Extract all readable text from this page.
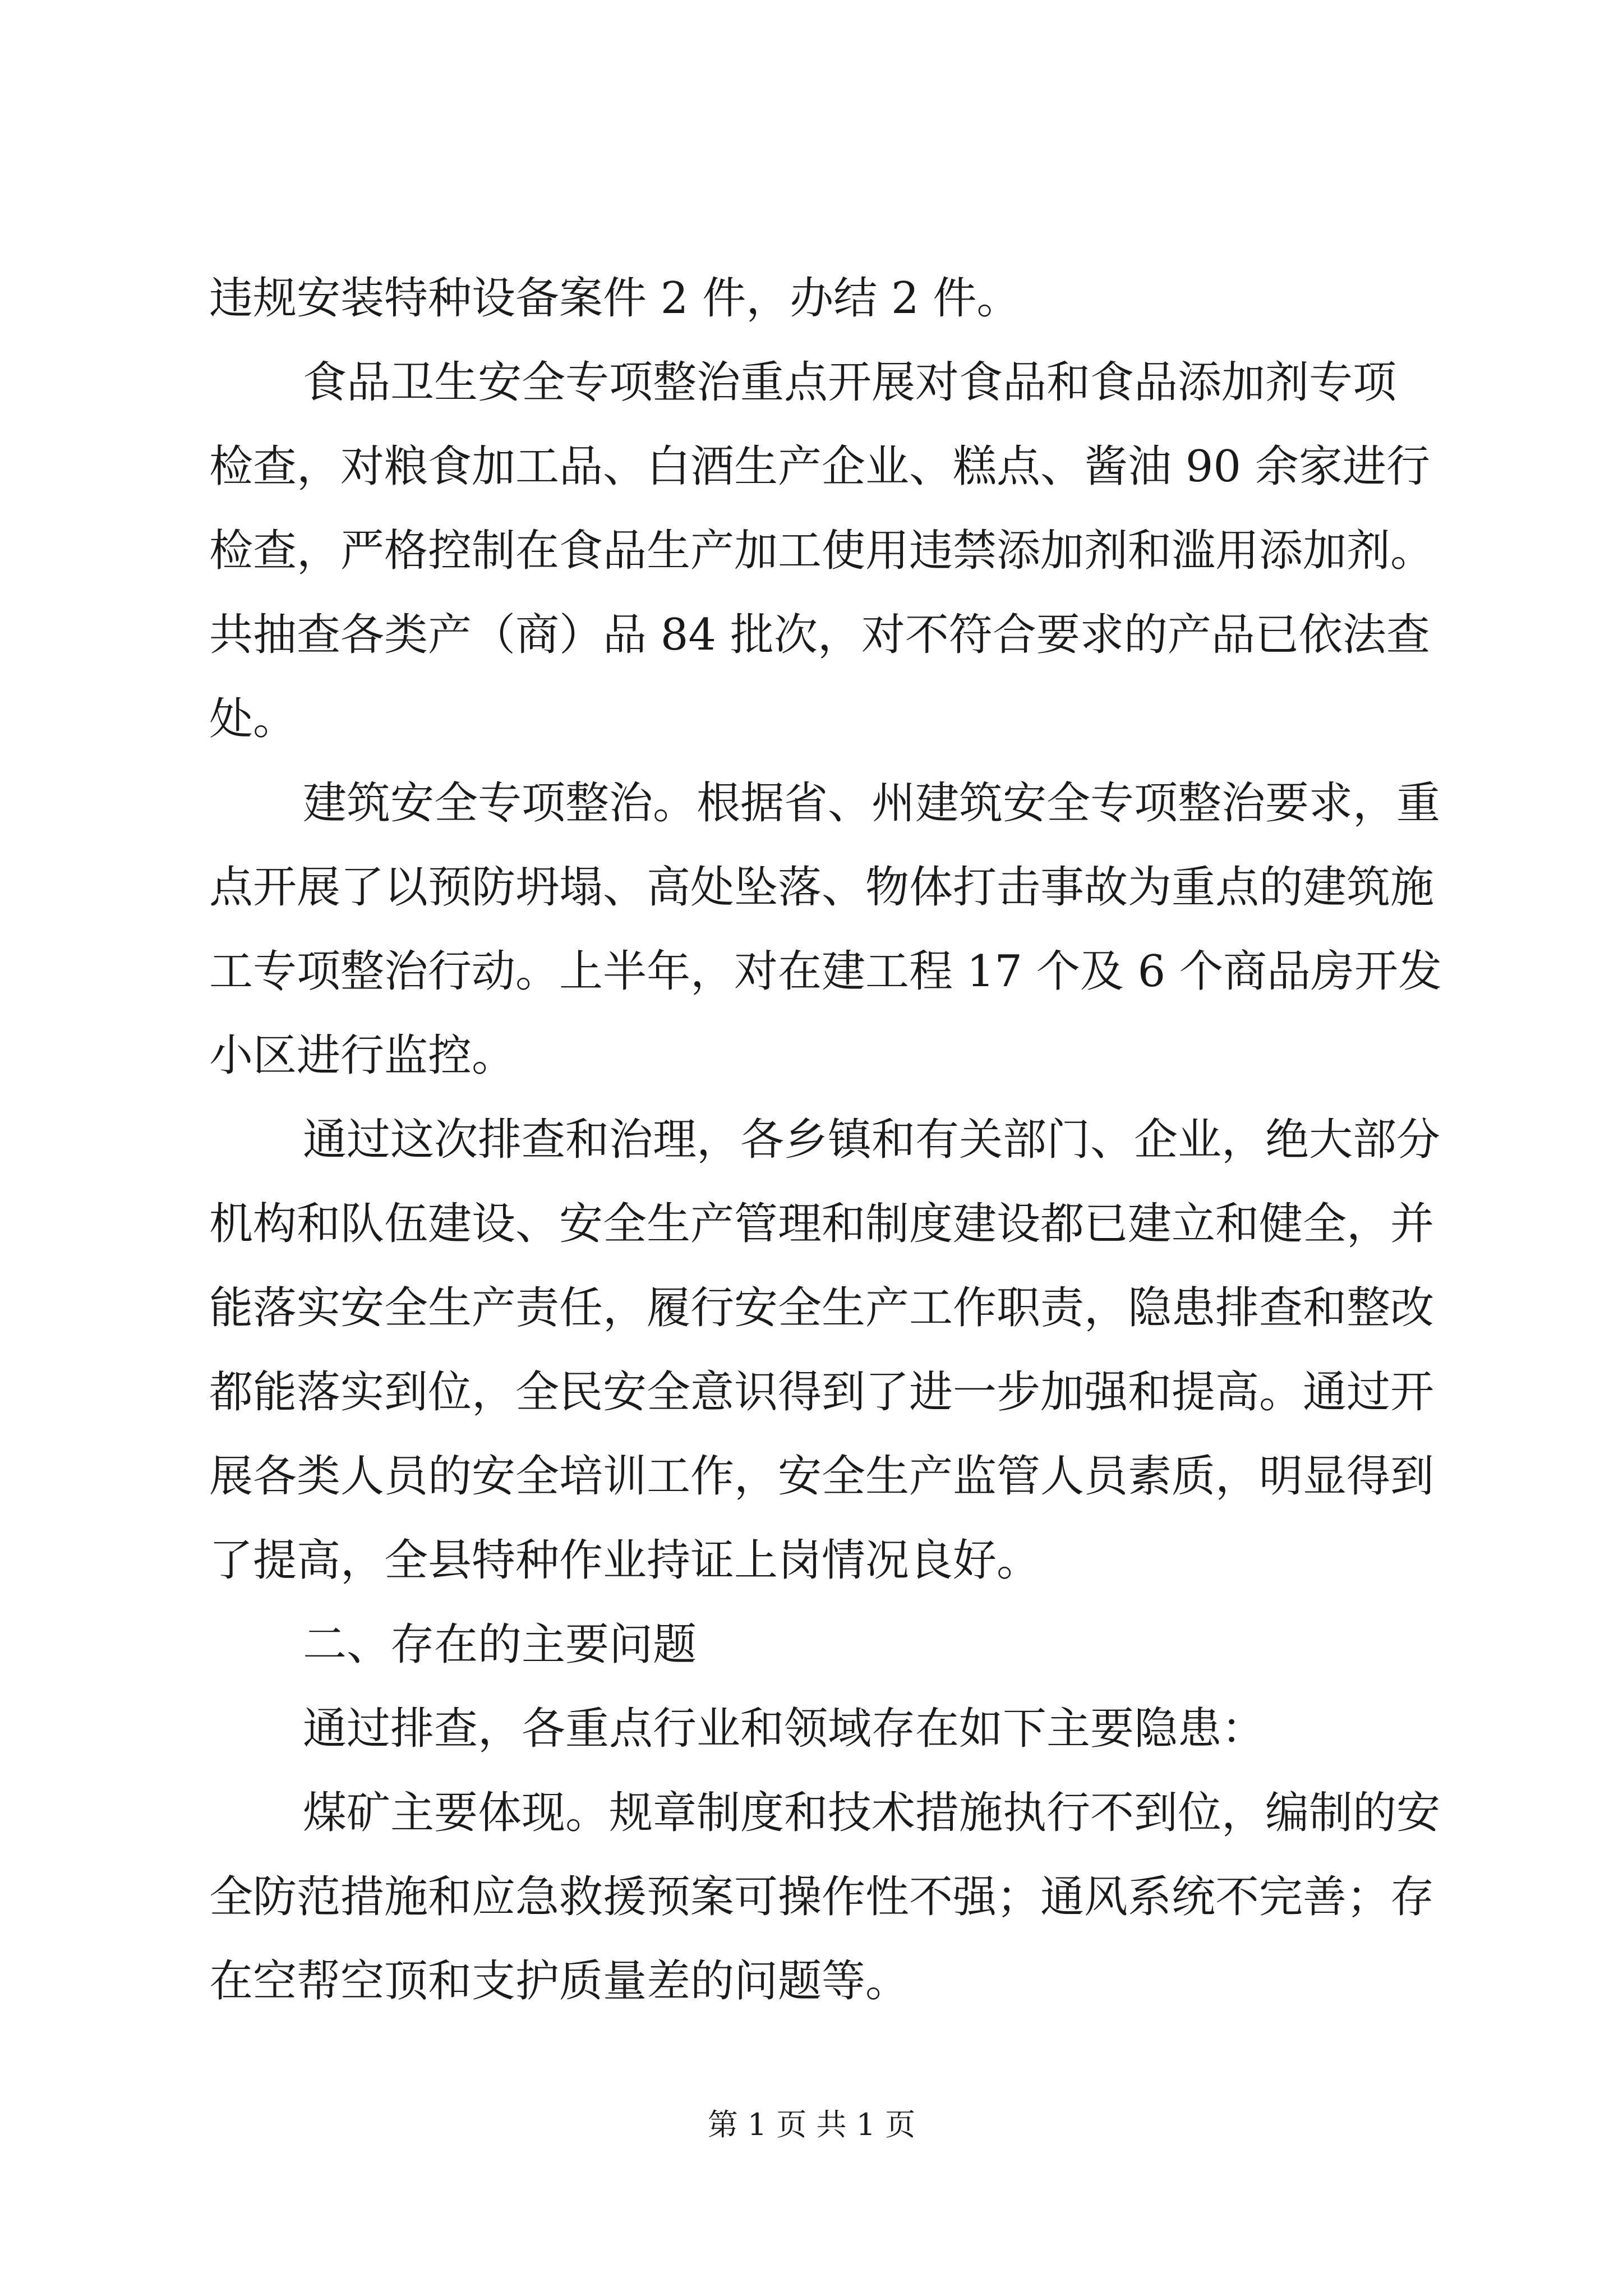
违规安装特种设备案件 2 件，办结 2 件。
食品卫生安全专项整治重点开展对食品和食品添加剂专项
检查，对粮食加工品、白酒生产企业、糕点、酱油 90 余家进行
检查，严格控制在食品生产加工使用违禁添加剂和滥用添加剂。
共抽查各类产（商）品 84 批次，对不符合要求的产品已依法查
处。
建筑安全专项整治。根据省、州建筑安全专项整治要求，重
点开展了以预防坍塌、高处坠落、物体打击事故为重点的建筑施
工专项整治行动。上半年，对在建工程 17 个及 6 个商品房开发
小区进行监控。
通过这次排查和治理，各乡镇和有关部门、企业，绝大部分
机构和队伍建设、安全生产管理和制度建设都已建立和健全，并
能落实安全生产责任，履行安全生产工作职责，隐患排查和整改
都能落实到位，全民安全意识得到了进一步加强和提高。通过开
展各类人员的安全培训工作，安全生产监管人员素质，明显得到
了提高，全县特种作业持证上岗情况良好。
二、存在的主要问题
通过排查，各重点行业和领域存在如下主要隐患：
煤矿主要体现。规章制度和技术措施执行不到位，编制的安
全防范措施和应急救援预案可操作性不强；通风系统不完善；存
在空帮空顶和支护质量差的问题等。
第 1 页 共 1 页
